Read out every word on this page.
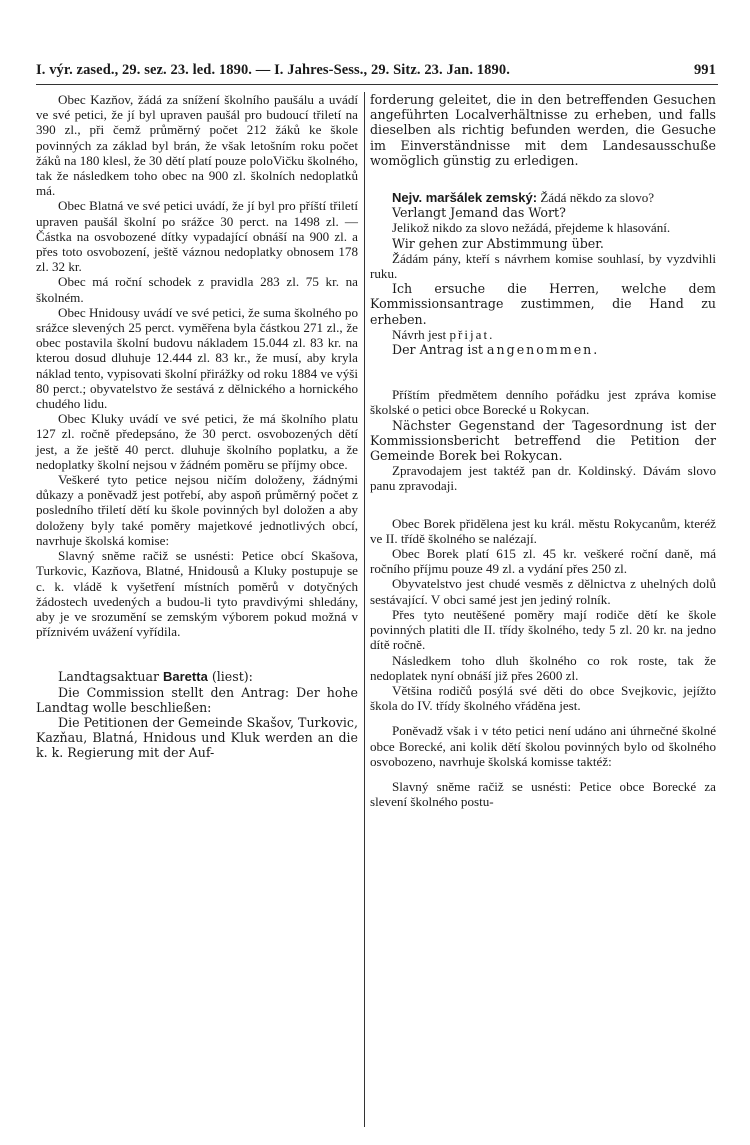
I. výr. zased., 29. sez. 23. led. 1890. — I. Jahres-Sess., 29. Sitz. 23. Jan. 1890.	991

Obec Kazňov, žádá za snížení školního paušálu a uvádí ve své petici, že jí byl upraven paušál pro budoucí třiletí na 390 zl., při čemž průměrný počet 212 žáků ke škole povinných za základ byl brán, že však letošním roku počet žáků na 180 klesl, že 30 dětí platí pouze poloVičku školného, tak že následkem toho obec na 900 zl. školních nedoplatků má.

Obec Blatná ve své petici uvádí, že jí byl pro příští třiletí upraven paušál školní po srážce 30 perct. na 1498 zl. — Částka na osvobozené dítky vypadající obnáší na 900 zl. a přes toto osvobození, ještě váznou nedoplatky obnosem 178 zl. 32 kr.

Obec má roční schodek z pravidla 283 zl. 75 kr. na školném.

Obec Hnidousy uvádí ve své petici, že suma školného po srážce slevených 25 perct. vyměřena byla částkou 271 zl., že obec postavila školní budovu nákladem 15.044 zl. 83 kr. na kterou dosud dluhuje 12.444 zl. 83 kr., že musí, aby kryla náklad tento, vypisovati školní přirážky od roku 1884 ve výši 80 perct.; obyvatelstvo že sestává z dělnického a hornického chudého lidu.

Obec Kluky uvádí ve své petici, že má školního platu 127 zl. ročně předepsáno, že 30 perct. osvobozených dětí jest, a že ještě 40 perct. dluhuje školního poplatku, a že nedoplatky školní nejsou v žádném poměru se příjmy obce.

Veškeré tyto petice nejsou ničím doloženy, žádnými důkazy a poněvadž jest potřebí, aby aspoň průměrný počet z posledního třiletí dětí ku škole povinných byl doložen a aby doloženy byly také poměry majetkové jednotlivých obcí, navrhuje školská komise:

Slavný sněme račiž se usnésti: Petice obcí Skašova, Turkovic, Kazňova, Blatné, Hnidousů a Kluky postupuje se c. k. vládě k vyšetření místních poměrů v dotyčných žádostech uvedených a budou-li tyto pravdivými shledány, aby je ve srozumění se zemským výborem pokud možná v příznivém uvážení vyřídila.

Landtagsaktuar Baretta (liest):

Die Commission stellt den Antrag: Der hohe Landtag wolle beschließen:

Die Petitionen der Gemeinde Skašov, Turkovic, Kazňau, Blatná, Hnidous und Kluk werden an die k. k. Regierung mit der Auf-

forderung geleitet, die in den betreffenden Gesuchen angeführten Localverhältnisse zu erheben, und falls dieselben als richtig befunden werden, die Gesuche im Einverständnisse mit dem Landesausschuße womöglich günstig zu erledigen.

Nejv. maršálek zemský: Žádá někdo za slovo?

Verlangt Jemand das Wort?

Jelikož nikdo za slovo nežádá, přejdeme k hlasování.

Wir gehen zur Abstimmung über.

Žádám pány, kteří s návrhem komise souhlasí, by vyzdvihli ruku.

Ich ersuche die Herren, welche dem Kommissionsantrage zustimmen, die Hand zu erheben.

Návrh jest přijat.

Der Antrag ist angenommen.

Příštím předmětem denního pořádku jest zpráva komise školské o petici obce Borecké u Rokycan.

Nächster Gegenstand der Tagesordnung ist der Kommissionsbericht betreffend die Petition der Gemeinde Borek bei Rokycan.

Zpravodajem jest taktéž pan dr. Koldinský. Dávám slovo panu zpravodaji.

Obec Borek přidělena jest ku král. městu Rokycanům, kteréž ve II. třídě školného se nalézají.

Obec Borek platí 615 zl. 45 kr. veškeré roční daně, má ročního příjmu pouze 49 zl. a vydání přes 250 zl.

Obyvatelstvo jest chudé vesměs z dělnictva z uhelných dolů sestávající. V obci samé jest jen jediný rolník.

Přes tyto neutěšené poměry mají rodiče dětí ke škole povinných platiti dle II. třídy školného, tedy 5 zl. 20 kr. na jedno dítě ročně.

Následkem toho dluh školného co rok roste, tak že nedoplatek nyní obnáší již přes 2600 zl.

Většina rodičů posýlá své děti do obce Svejkovic, jejížto škola do IV. třídy školného vřáděna jest.

Poněvadž však i v této petici není udáno ani úhrnečné školné obce Borecké, ani kolik dětí školou povinných bylo od školného osvobozeno, navrhuje školská komisse taktéž:

Slavný sněme račiž se usnésti: Petice obce Borecké za slevení školného postu-
